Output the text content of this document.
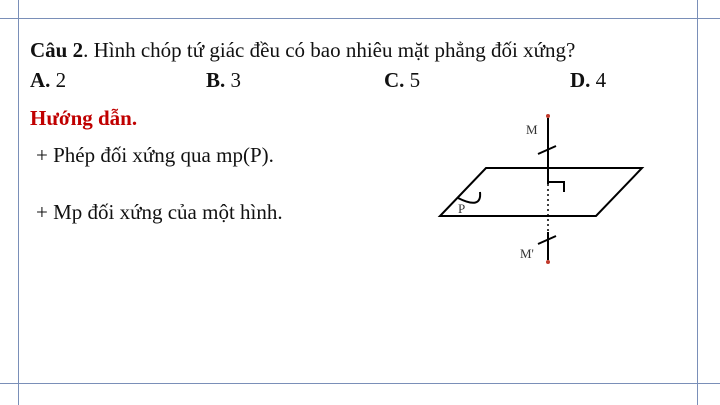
Câu 2. Hình chóp tứ giác đều có bao nhiêu mặt phẳng đối xứng?
A. 2	B. 3	C. 5	D. 4
Hướng dẫn.
+ Phép đối xứng qua mp(P).
+ Mp đối xứng của một hình.
M
P
M'
